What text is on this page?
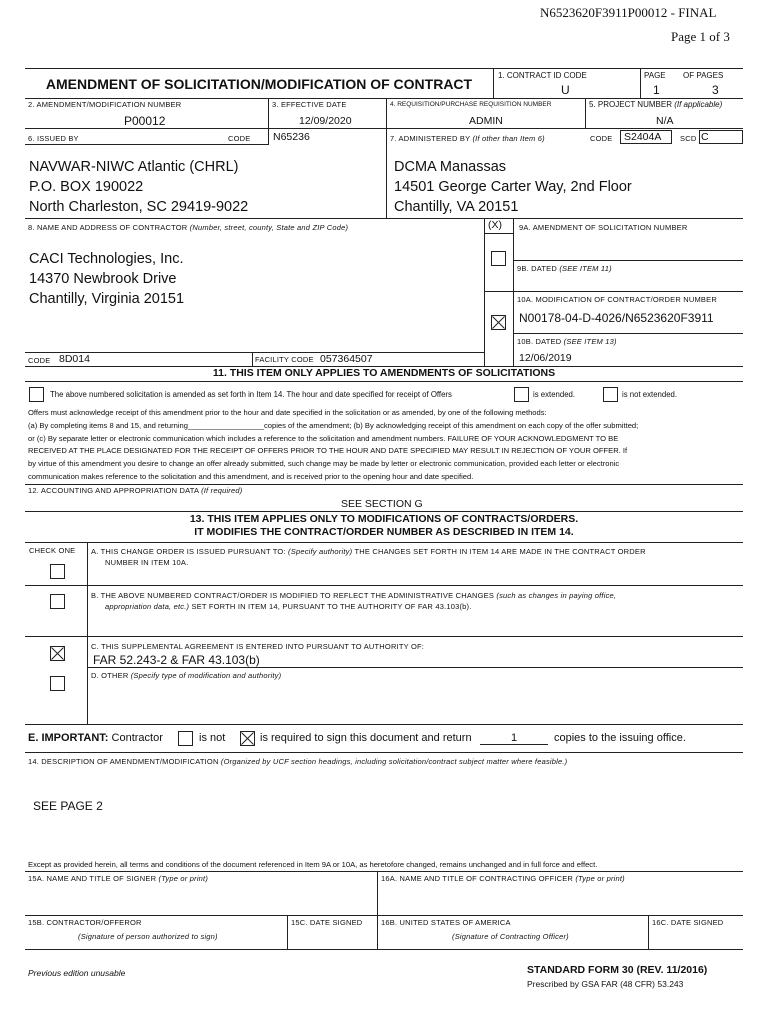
N6523620F3911P00012 - FINAL
Page 1 of 3
AMENDMENT OF SOLICITATION/MODIFICATION OF CONTRACT
1. CONTRACT ID CODE
U
PAGE OF PAGES
1	3
2. AMENDMENT/MODIFICATION NUMBER
P00012
3. EFFECTIVE DATE
12/09/2020
4. REQUISITION/PURCHASE REQUISITION NUMBER
ADMIN
5. PROJECT NUMBER (If applicable)
N/A
6. ISSUED BY	CODE N65236	7. ADMINISTERED BY (If other than Item 6)	CODE S2404A SCD C
NAVWAR-NIWC Atlantic (CHRL)
P.O. BOX 190022
North Charleston, SC 29419-9022
DCMA Manassas
14501 George Carter Way, 2nd Floor
Chantilly, VA 20151
8. NAME AND ADDRESS OF CONTRACTOR (Number, street, county, State and ZIP Code)
CACI Technologies, Inc.
14370 Newbrook Drive
Chantilly, Virginia 20151
(X) 9A. AMENDMENT OF SOLICITATION NUMBER
9B. DATED (SEE ITEM 11)
10A. MODIFICATION OF CONTRACT/ORDER NUMBER
N00178-04-D-4026/N6523620F3911
10B. DATED (SEE ITEM 13)
12/06/2019
CODE 8D014	FACILITY CODE 057364507
11. THIS ITEM ONLY APPLIES TO AMENDMENTS OF SOLICITATIONS
The above numbered solicitation is amended as set forth in Item 14. The hour and date specified for receipt of Offers	is extended.	is not extended.
Offers must acknowledge receipt of this amendment prior to the hour and date specified in the solicitation or as amended, by one of the following methods:
(a) By completing items 8 and 15, and returning__________________copies of the amendment; (b) By acknowledging receipt of this amendment on each copy of the offer submitted;
or (c) By separate letter or electronic communication which includes a reference to the solicitation and amendment numbers. FAILURE OF YOUR ACKNOWLEDGMENT TO BE
RECEIVED AT THE PLACE DESIGNATED FOR THE RECEIPT OF OFFERS PRIOR TO THE HOUR AND DATE SPECIFIED MAY RESULT IN REJECTION OF YOUR OFFER. If
by virtue of this amendment you desire to change an offer already submitted, such change may be made by letter or electronic communication, provided each letter or electronic
communication makes reference to the solicitation and this amendment, and is received prior to the opening hour and date specified.
12. ACCOUNTING AND APPROPRIATION DATA (If required)
SEE SECTION G
13. THIS ITEM APPLIES ONLY TO MODIFICATIONS OF CONTRACTS/ORDERS.
IT MODIFIES THE CONTRACT/ORDER NUMBER AS DESCRIBED IN ITEM 14.
CHECK ONE A. THIS CHANGE ORDER IS ISSUED PURSUANT TO: (Specify authority) THE CHANGES SET FORTH IN ITEM 14 ARE MADE IN THE CONTRACT ORDER
NUMBER IN ITEM 10A.
B. THE ABOVE NUMBERED CONTRACT/ORDER IS MODIFIED TO REFLECT THE ADMINISTRATIVE CHANGES (such as changes in paying office,
appropriation data, etc.) SET FORTH IN ITEM 14, PURSUANT TO THE AUTHORITY OF FAR 43.103(b).
C. THIS SUPPLEMENTAL AGREEMENT IS ENTERED INTO PURSUANT TO AUTHORITY OF:
FAR 52.243-2 & FAR 43.103(b)
D. OTHER (Specify type of modification and authority)
E. IMPORTANT: Contractor	is not	is required to sign this document and return	1	copies to the issuing office.
14. DESCRIPTION OF AMENDMENT/MODIFICATION (Organized by UCF section headings, including solicitation/contract subject matter where feasible.)
SEE PAGE 2
Except as provided herein, all terms and conditions of the document referenced in Item 9A or 10A, as heretofore changed, remains unchanged and in full force and effect.
15A. NAME AND TITLE OF SIGNER (Type or print)	16A. NAME AND TITLE OF CONTRACTING OFFICER (Type or print)
15B. CONTRACTOR/OFFEROR
(Signature of person authorized to sign)
15C. DATE SIGNED 16B. UNITED STATES OF AMERICA
(Signature of Contracting Officer)
16C. DATE SIGNED
Previous edition unusable	STANDARD FORM 30 (REV. 11/2016)
Prescribed by GSA FAR (48 CFR) 53.243
